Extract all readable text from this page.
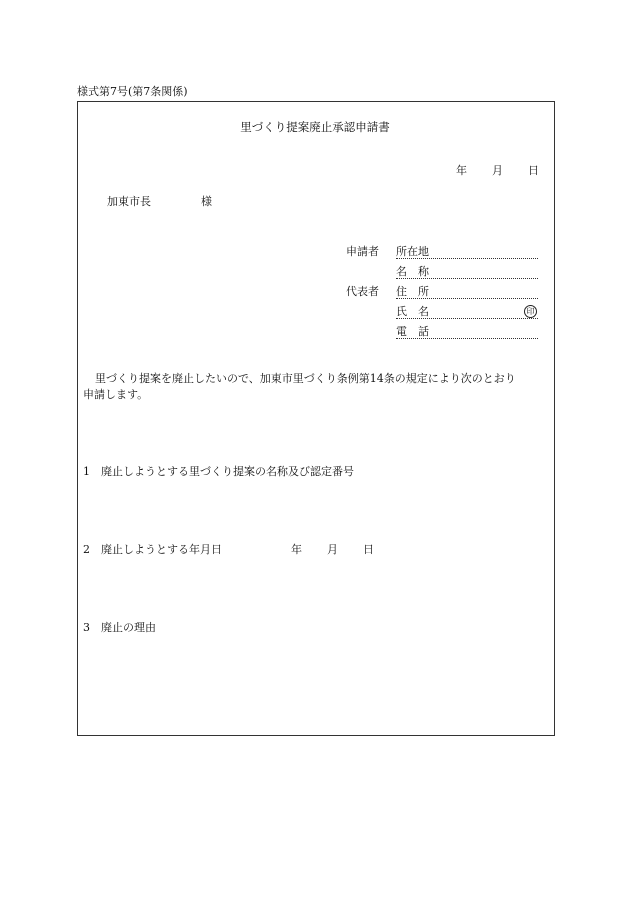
様式第7号(第7条関係)
里づくり提案廃止承認申請書
年 月 日
加東市長	様
申請者 所在地
名　称
代表者 住　所
氏　名	印
電　話
里づくり提案を廃止したいので、加東市里づくり条例第14条の規定により次のとおり
申請します。
1 廃止しようとする里づくり提案の名称及び認定番号
2 廃止しようとする年月日	年 月 日
3 廃止の理由
